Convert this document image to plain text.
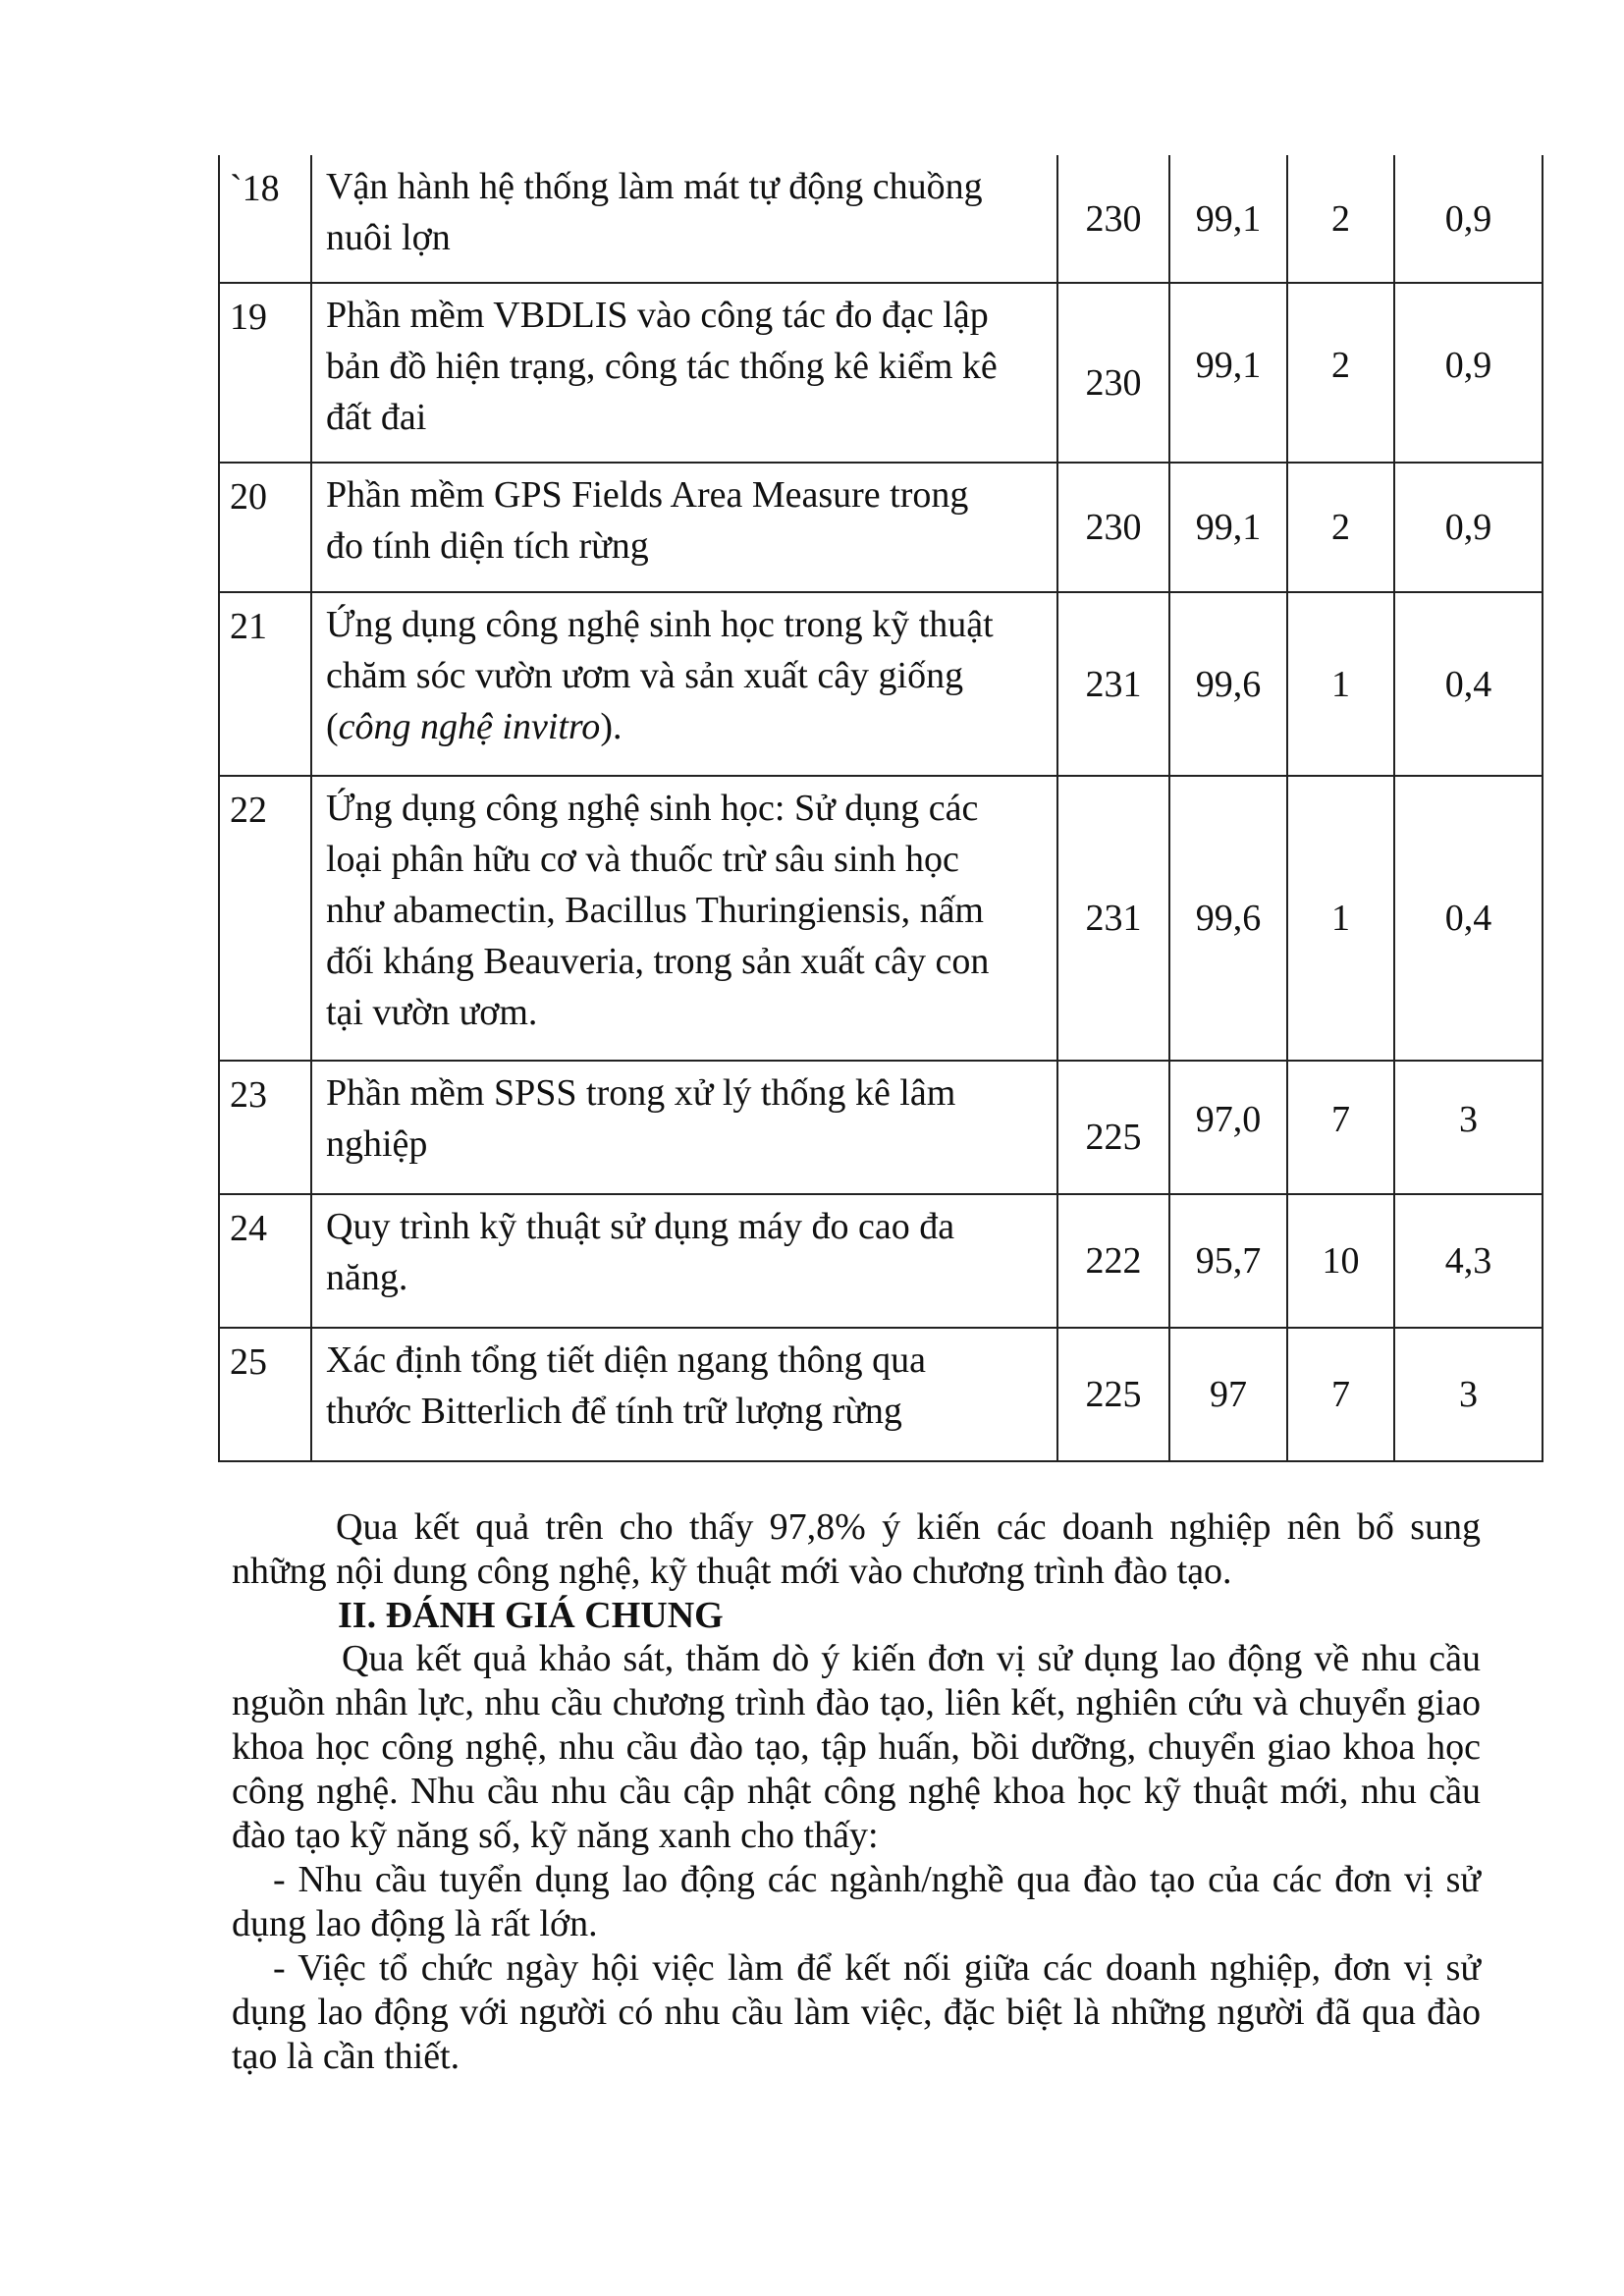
`18	Vận hành hệ thống làm mát tự động chuồng
nuôi lợn	230	99,1	2	0,9
19	Phần mềm VBDLIS vào công tác đo đạc lập
bản đồ hiện trạng, công tác thống kê kiểm kê
đất đai	230	99,1	2	0,9
20	Phần mềm GPS Fields Area Measure trong
đo tính diện tích rừng	230	99,1	2	0,9
21	Ứng dụng công nghệ sinh học trong kỹ thuật
chăm sóc vườn ươm và sản xuất cây giống
(công nghệ invitro).	231	99,6	1	0,4
22	Ứng dụng công nghệ sinh học: Sử dụng các
loại phân hữu cơ và thuốc trừ sâu sinh học
như abamectin, Bacillus Thuringiensis, nấm
đối kháng Beauveria, trong sản xuất cây con
tại vườn ươm.	231	99,6	1	0,4
23	Phần mềm SPSS trong xử lý thống kê lâm
nghiệp	225	97,0	7	3
24	Quy trình kỹ thuật sử dụng máy đo cao đa
năng.	222	95,7	10	4,3
25	Xác định tổng tiết diện ngang thông qua
thước Bitterlich để tính trữ lượng rừng	225	97	7	3

Qua kết quả trên cho thấy 97,8% ý kiến các doanh nghiệp nên bổ sung những nội dung công nghệ, kỹ thuật mới vào chương trình đào tạo.

II. ĐÁNH GIÁ CHUNG

Qua kết quả khảo sát, thăm dò ý kiến đơn vị sử dụng lao động về nhu cầu nguồn nhân lực, nhu cầu chương trình đào tạo, liên kết, nghiên cứu và chuyển giao khoa học công nghệ, nhu cầu đào tạo, tập huấn, bồi dưỡng, chuyển giao khoa học công nghệ. Nhu cầu nhu cầu cập nhật công nghệ khoa học kỹ thuật mới, nhu cầu đào tạo kỹ năng số, kỹ năng xanh cho thấy:

- Nhu cầu tuyển dụng lao động các ngành/nghề qua đào tạo của các đơn vị sử dụng lao động là rất lớn.

- Việc tổ chức ngày hội việc làm để kết nối giữa các doanh nghiệp, đơn vị sử dụng lao động với người có nhu cầu làm việc, đặc biệt là những người đã qua đào tạo là cần thiết.
